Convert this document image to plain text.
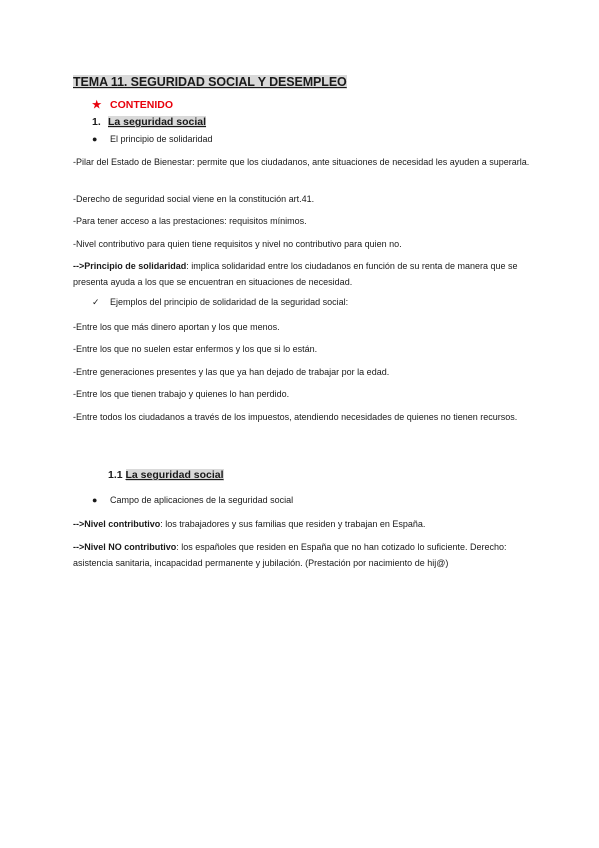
TEMA 11. SEGURIDAD SOCIAL Y DESEMPLEO
★ CONTENIDO
1. La seguridad social
● El principio de solidaridad
-Pilar del Estado de Bienestar: permite que los ciudadanos, ante situaciones de necesidad les ayuden a superarla.
-Derecho de seguridad social viene en la constitución art.41.
-Para tener acceso a las prestaciones: requisitos mínimos.
-Nivel contributivo para quien tiene requisitos y nivel no contributivo para quien no.
-->Principio de solidaridad: implica solidaridad entre los ciudadanos en función de su renta de manera que se presenta ayuda a los que se encuentran en situaciones de necesidad.
✓ Ejemplos del principio de solidaridad de la seguridad social:
-Entre los que más dinero aportan y los que menos.
-Entre los que no suelen estar enfermos y los que si lo están.
-Entre generaciones presentes y las que ya han dejado de trabajar por la edad.
-Entre los que tienen trabajo y quienes lo han perdido.
-Entre todos los ciudadanos a través de los impuestos, atendiendo necesidades de quienes no tienen recursos.
1.1 La seguridad social
● Campo de aplicaciones de la seguridad social
-->Nivel contributivo: los trabajadores y sus familias que residen y trabajan en España.
-->Nivel NO contributivo: los españoles que residen en España que no han cotizado lo suficiente. Derecho: asistencia sanitaria, incapacidad permanente y jubilación. (Prestación por nacimiento de hij@)
